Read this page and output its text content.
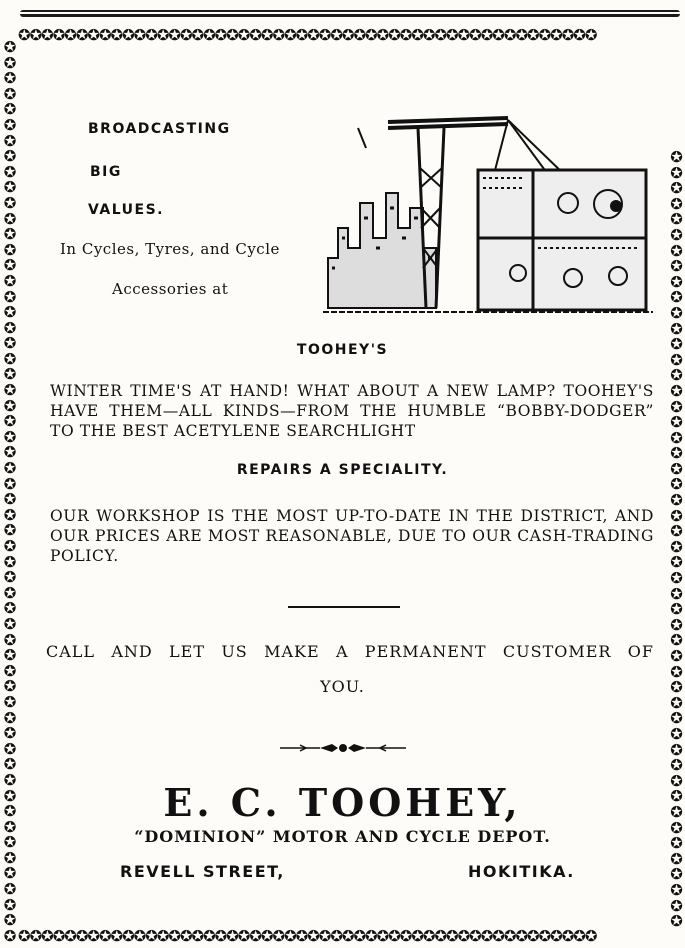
✪✪✪✪✪✪✪✪✪✪✪✪✪✪✪✪✪✪✪✪✪✪✪✪✪✪✪✪✪✪✪✪✪✪✪✪✪✪✪✪✪✪✪✪✪✪✪✪✪✪
✪
✪
✪
✪
✪
✪
✪
✪
✪
✪
✪
✪
✪
✪
✪
✪
✪
✪
✪
✪
✪
✪
✪
✪
✪
✪
✪
✪
✪
✪
✪
✪
✪
✪
✪
✪
✪
✪
✪
✪
✪
✪
✪
✪
✪
✪
✪
✪
✪
✪
✪
✪
✪
✪
✪
✪
✪
✪
✪
✪
✪
✪
✪
✪
✪
✪
✪
✪
✪
✪
✪
✪
✪
✪
✪
✪
✪
✪
✪
✪
✪
✪
✪
✪
✪
✪
✪
✪
✪
✪
✪
✪
✪
✪
✪
✪
✪
✪
✪
✪
✪
✪
✪
✪
✪
✪
✪
✪
✪✪✪✪✪✪✪✪✪✪✪✪✪✪✪✪✪✪✪✪✪✪✪✪✪✪✪✪✪✪✪✪✪✪✪✪✪✪✪✪✪✪✪✪✪✪✪✪✪✪
BROADCASTING
BIG
VALUES.
In Cycles, Tyres, and Cycle
Accessories at
TOOHEY'S
WINTER TIME'S AT HAND! WHAT ABOUT A NEW LAMP? TOOHEY'S HAVE THEM—ALL KINDS—FROM THE HUMBLE “BOBBY-DODGER” TO THE BEST ACETYLENE SEARCHLIGHT
REPAIRS A SPECIALITY.
OUR WORKSHOP IS THE MOST UP-TO-DATE IN THE DISTRICT, AND OUR PRICES ARE MOST REASONABLE, DUE TO OUR CASH-TRADING POLICY.
CALL AND LET US MAKE A PERMANENT CUSTOMER OF
YOU.
E. C. TOOHEY,
“DOMINION” MOTOR AND CYCLE DEPOT.
REVELL STREET,	HOKITIKA.
